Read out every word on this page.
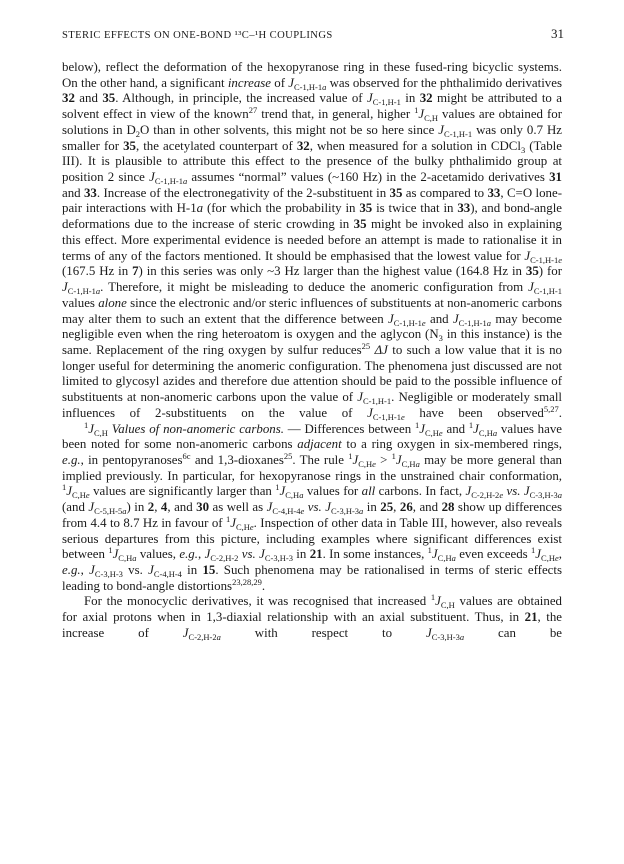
STERIC EFFECTS ON ONE-BOND ¹³C–¹H COUPLINGS	31

below), reflect the deformation of the hexopyranose ring in these fused-ring bicyclic systems. On the other hand, a significant increase of $J_{C-1,H-1a}$ was observed for the phthalimido derivatives 32 and 35. Although, in principle, the increased value of $J_{C-1,H-1}$ in 32 might be attributed to a solvent effect in view of the known$^{27}$ trend that, in general, higher $^1J_{C,H}$ values are obtained for solutions in $D_2O$ than in other solvents, this might not be so here since $J_{C-1,H-1}$ was only 0.7 Hz smaller for 35, the acetylated counterpart of 32, when measured for a solution in CDCl$_3$ (Table III). It is plausible to attribute this effect to the presence of the bulky phthalimido group at position 2 since $J_{C-1,H-1a}$ assumes “normal” values (~160 Hz) in the 2-acetamido derivatives 31 and 33. Increase of the electronegativity of the 2-substituent in 35 as compared to 33, C=O lone-pair interactions with H-1a (for which the probability in 35 is twice that in 33), and bond-angle deformations due to the increase of steric crowding in 35 might be invoked also in explaining this effect. More experimental evidence is needed before an attempt is made to rationalise it in terms of any of the factors mentioned. It should be emphasised that the lowest value for $J_{C-1,H-1e}$ (167.5 Hz in 7) in this series was only ~3 Hz larger than the highest value (164.8 Hz in 35) for $J_{C-1,H-1a}$. Therefore, it might be misleading to deduce the anomeric configuration from $J_{C-1,H-1}$ values alone since the electronic and/or steric influences of substituents at non-anomeric carbons may alter them to such an extent that the difference between $J_{C-1,H-1e}$ and $J_{C-1,H-1a}$ may become negligible even when the ring heteroatom is oxygen and the aglycon ($N_3$ in this instance) is the same. Replacement of the ring oxygen by sulfur reduces$^{25}$ ΔJ to such a low value that it is no longer useful for determining the anomeric configuration. The phenomena just discussed are not limited to glycosyl azides and therefore due attention should be paid to the possible influence of substituents at non-anomeric carbons upon the value of $J_{C-1,H-1}$. Negligible or moderately small influences of 2-substituents on the value of $J_{C-1,H-1e}$ have been observed$^{5,27}$.

$^1J_{C,H}$ Values of non-anomeric carbons. — Differences between $^1J_{C,He}$ and $^1J_{C,Ha}$ values have been noted for some non-anomeric carbons adjacent to a ring oxygen in six-membered rings, e.g., in pentopyranoses$^{6c}$ and 1,3-dioxanes$^{25}$. The rule $^1J_{C,He} > ^1J_{C,Ha}$ may be more general than implied previously. In particular, for hexopyranose rings in the unstrained chair conformation, $^1J_{C,He}$ values are significantly larger than $^1J_{C,Ha}$ values for all carbons. In fact, $J_{C-2,H-2e}$ vs. $J_{C-3,H-3a}$ (and $J_{C-5,H-5a}$) in 2, 4, and 30 as well as $J_{C-4,H-4e}$ vs. $J_{C-3,H-3a}$ in 25, 26, and 28 show up differences from 4.4 to 8.7 Hz in favour of $^1J_{C,He}$. Inspection of other data in Table III, however, also reveals serious departures from this picture, including examples where significant differences exist between $^1J_{C,Ha}$ values, e.g., $J_{C-2,H-2}$ vs. $J_{C-3,H-3}$ in 21. In some instances, $^1J_{C,Ha}$ even exceeds $^1J_{C,He}$, e.g., $J_{C-3,H-3}$ vs. $J_{C-4,H-4}$ in 15. Such phenomena may be rationalised in terms of steric effects leading to bond-angle distortions$^{23,28,29}$.

For the monocyclic derivatives, it was recognised that increased $^1J_{C,H}$ values are obtained for axial protons when in 1,3-diaxial relationship with an axial substituent. Thus, in 21, the increase of $J_{C-2,H-2a}$ with respect to $J_{C-3,H-3a}$ can be
